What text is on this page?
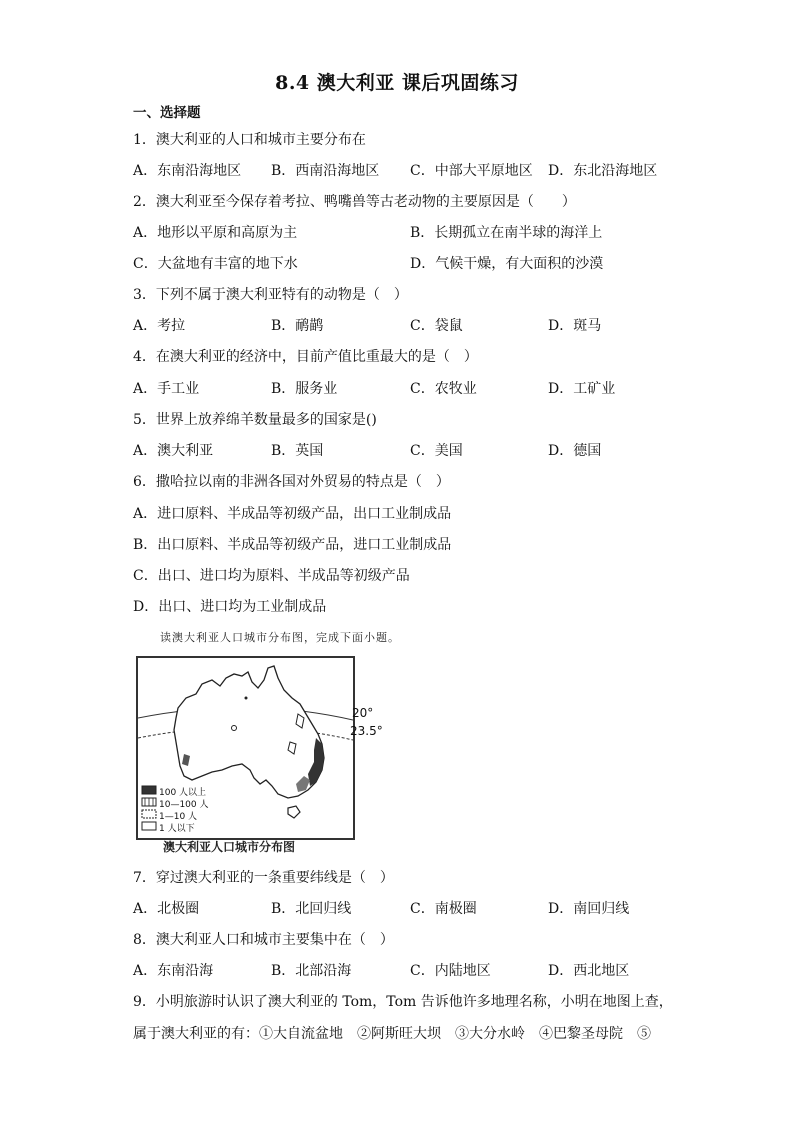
8.4 澳大利亚 课后巩固练习
一、选择题
1．澳大利亚的人口和城市主要分布在
A．东南沿海地区 B．西南沿海地区 C．中部大平原地区 D．东北沿海地区
2．澳大利亚至今保存着考拉、鸭嘴兽等古老动物的主要原因是（　　）
A．地形以平原和高原为主	B．长期孤立在南半球的海洋上
C．大盆地有丰富的地下水	D．气候干燥，有大面积的沙漠
3．下列不属于澳大利亚特有的动物是（　）
A．考拉	B．鸸鹋	C．袋鼠	D．斑马
4．在澳大利亚的经济中，目前产值比重最大的是（　）
A．手工业	B．服务业	C．农牧业	D．工矿业
5．世界上放养绵羊数量最多的国家是()
A．澳大利亚	B．英国	C．美国	D．德国
6．撒哈拉以南的非洲各国对外贸易的特点是（　）
A．进口原料、半成品等初级产品，出口工业制成品
B．出口原料、半成品等初级产品，进口工业制成品
C．出口、进口均为原料、半成品等初级产品
D．出口、进口均为工业制成品
读澳大利亚人口城市分布图，完成下面小题。
100 人以上
10—100 人
1—10 人
1 人以下
20°
23.5°
澳大利亚人口城市分布图
7．穿过澳大利亚的一条重要纬线是（　）
A．北极圈	B．北回归线	C．南极圈	D．南回归线
8．澳大利亚人口和城市主要集中在（　）
A．东南沿海	B．北部沿海	C．内陆地区	D．西北地区
9．小明旅游时认识了澳大利亚的 Tom，Tom 告诉他许多地理名称，小明在地图上查，
属于澳大利亚的有：①大自流盆地　②阿斯旺大坝　③大分水岭　④巴黎圣母院　⑤
